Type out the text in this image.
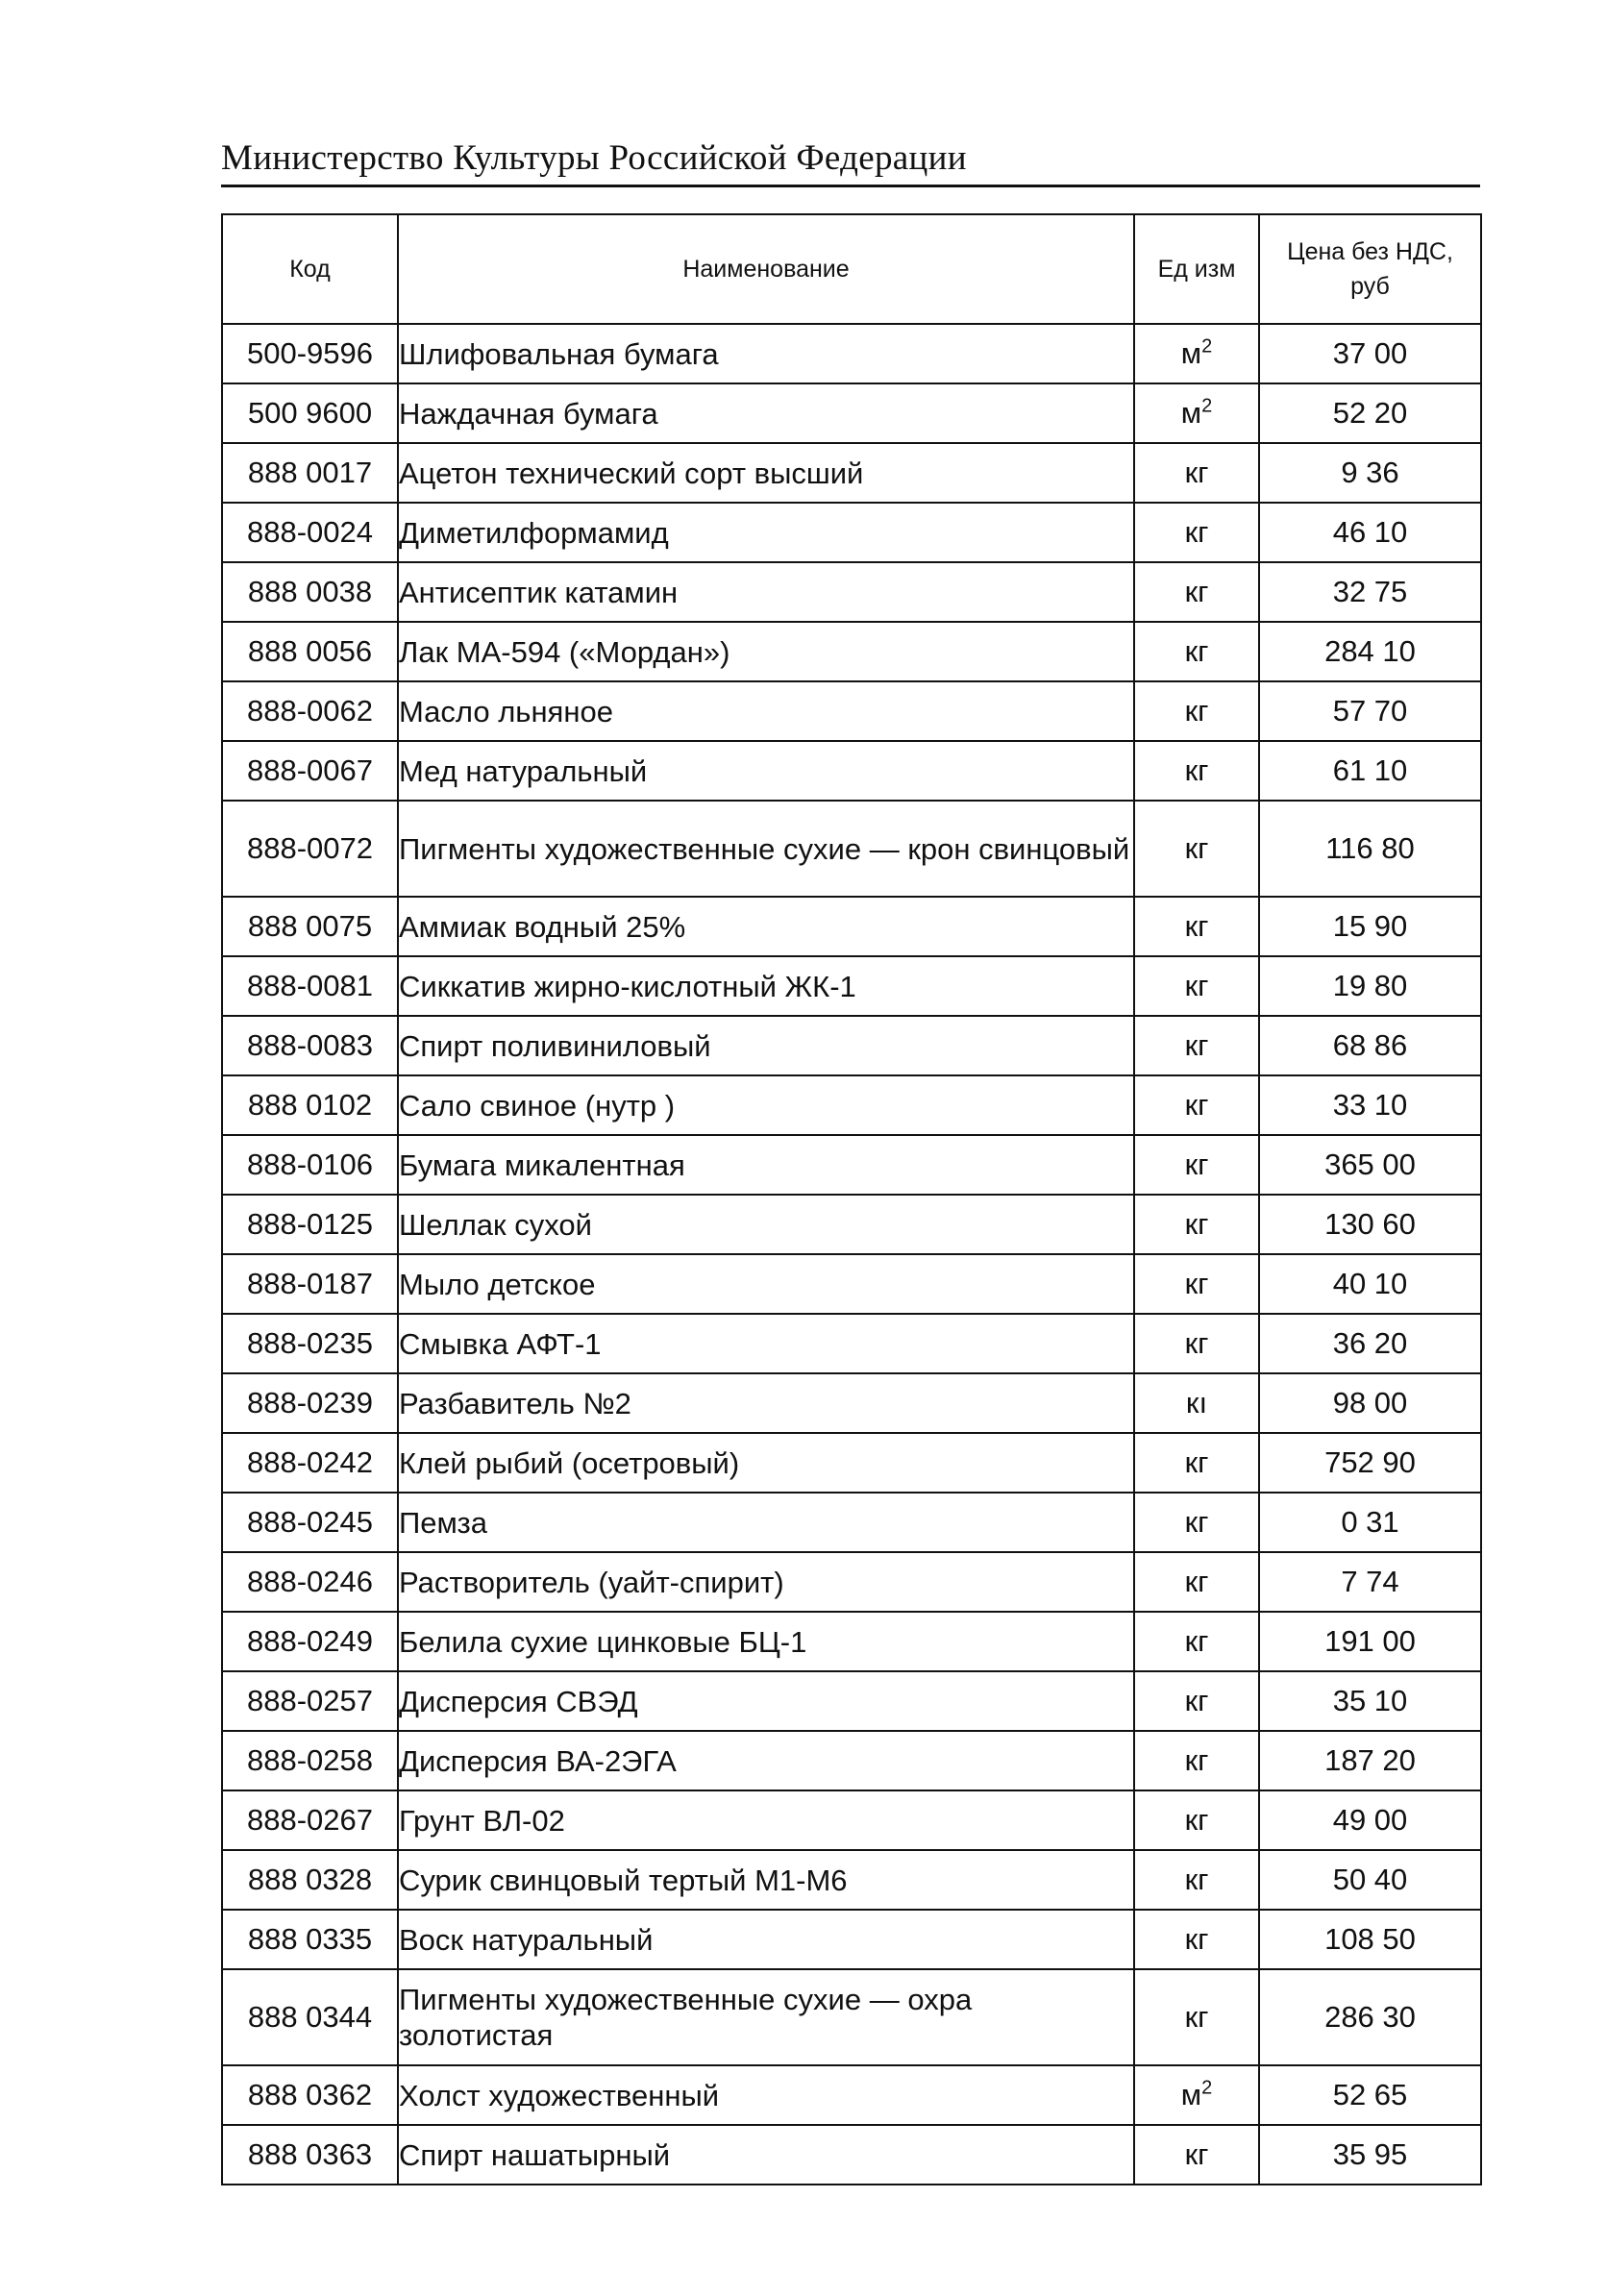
Министерство Культуры Российской Федерации
Код	Наименование	Ед изм	Цена без НДС, руб
500-9596	Шлифовальная бумага	$м^2$	37 00
500 9600	Наждачная бумага	$м^2$	52 20
888 0017	Ацетон технический сорт высший	кг	9 36
888-0024	Диметилформамид	кг	46 10
888 0038	Антисептик катамин	кг	32 75
888 0056	Лак МА-594 («Мордан»)	кг	284 10
888-0062	Масло льняное	кг	57 70
888-0067	Мед натуральный	кг	61 10
888-0072	Пигменты художественные сухие — крон свинцовый	кг	116 80
888 0075	Аммиак водный 25%	кг	15 90
888-0081	Сиккатив жирно-кислотный ЖК-1	кг	19 80
888-0083	Спирт поливиниловый	кг	68 86
888 0102	Сало свиное (нутр )	кг	33 10
888-0106	Бумага микалентная	кг	365 00
888-0125	Шеллак сухой	кг	130 60
888-0187	Мыло детское	кг	40 10
888-0235	Смывка АФТ-1	кг	36 20
888-0239	Разбавитель №2	кı	98 00
888-0242	Клей рыбий (осетровый)	кг	752 90
888-0245	Пемза	кг	0 31
888-0246	Растворитель (уайт-спирит)	кг	7 74
888-0249	Белила сухие цинковые БЦ-1	кг	191 00
888-0257	Дисперсия СВЭД	кг	35 10
888-0258	Дисперсия ВА-2ЭГА	кг	187 20
888-0267	Грунт ВЛ-02	кг	49 00
888 0328	Сурик свинцовый тертый М1-М6	кг	50 40
888 0335	Воск натуральный	кг	108 50
888 0344	Пигменты художественные сухие — охра золотистая	кг	286 30
888 0362	Холст художественный	$м^2$	52 65
888 0363	Спирт нашатырный	кг	35 95
